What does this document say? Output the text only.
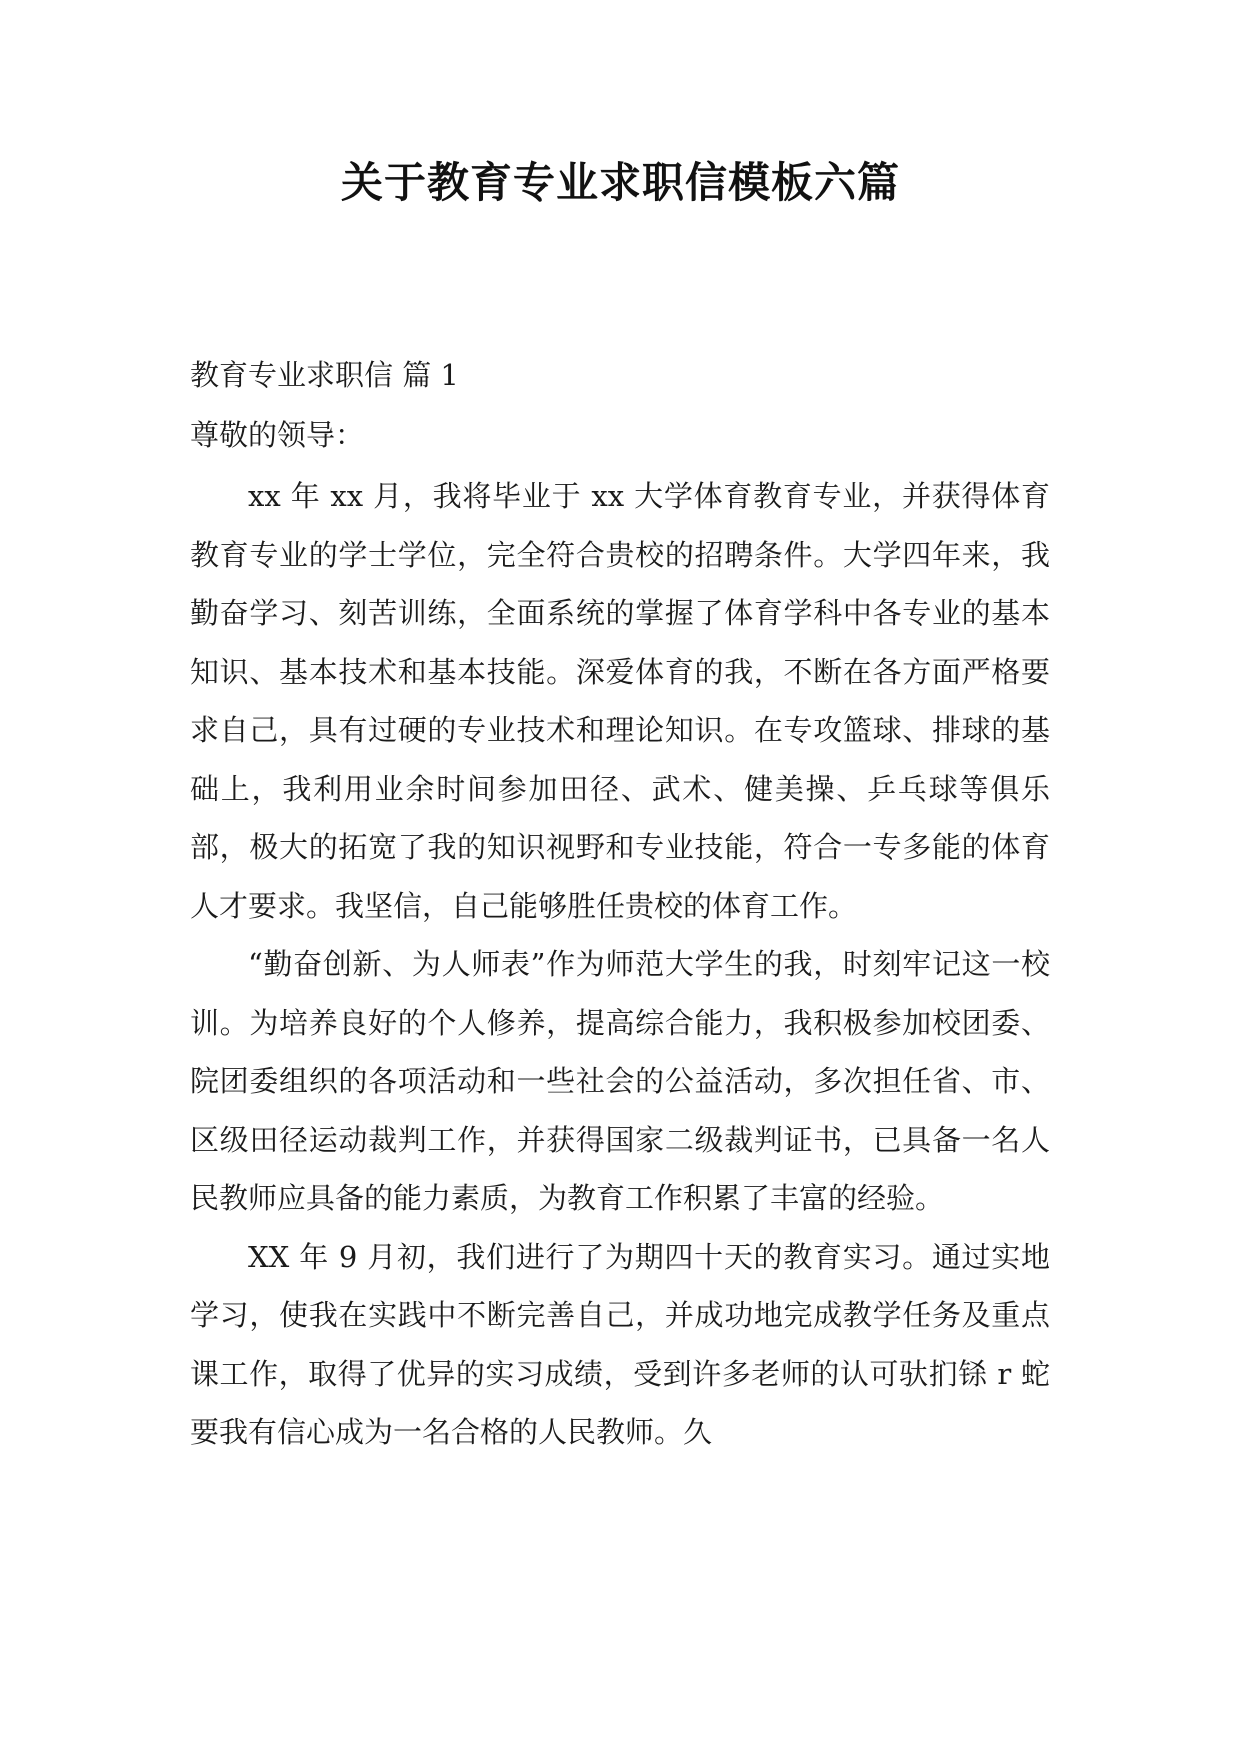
关于教育专业求职信模板六篇

教育专业求职信 篇 1

尊敬的领导：

xx 年 xx 月，我将毕业于 xx 大学体育教育专业，并获得体育教育专业的学士学位，完全符合贵校的招聘条件。大学四年来，我勤奋学习、刻苦训练，全面系统的掌握了体育学科中各专业的基本知识、基本技术和基本技能。深爱体育的我，不断在各方面严格要求自己，具有过硬的专业技术和理论知识。在专攻篮球、排球的基础上，我利用业余时间参加田径、武术、健美操、乒乓球等俱乐部，极大的拓宽了我的知识视野和专业技能，符合一专多能的体育人才要求。我坚信，自己能够胜任贵校的体育工作。

“勤奋创新、为人师表”作为师范大学生的我，时刻牢记这一校训。为培养良好的个人修养，提高综合能力，我积极参加校团委、院团委组织的各项活动和一些社会的公益活动，多次担任省、市、区级田径运动裁判工作，并获得国家二级裁判证书，已具备一名人民教师应具备的能力素质，为教育工作积累了丰富的经验。

XX 年 9 月初，我们进行了为期四十天的教育实习。通过实地学习，使我在实践中不断完善自己，并成功地完成教学任务及重点课工作，取得了优异的实习成绩，受到许多老师的认可驮扪铩 r 蛇要我有信心成为一名合格的人民教师。久
